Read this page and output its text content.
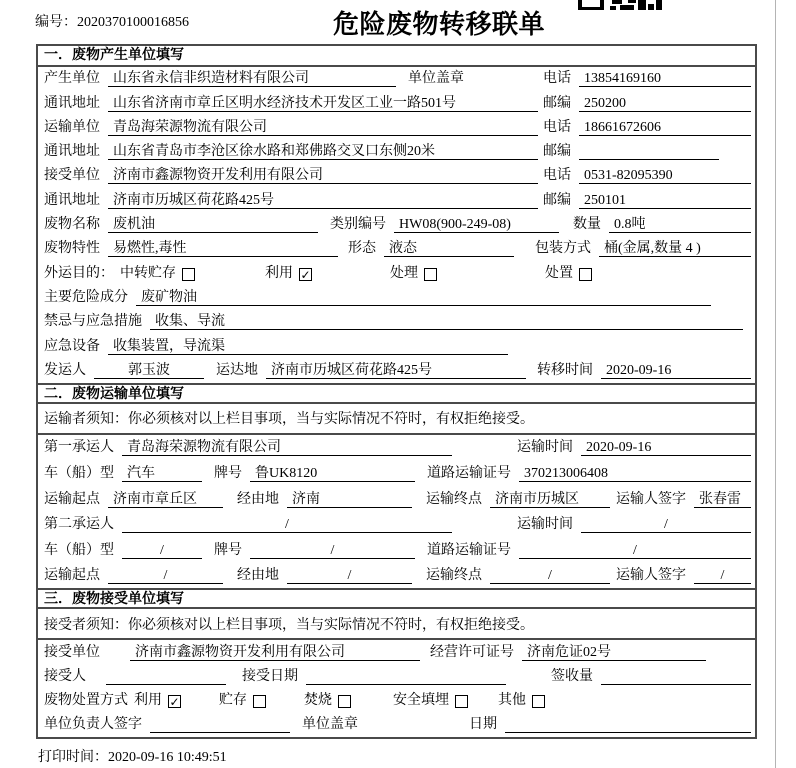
编号：2020370100016856	危险废物转移联单
一．废物产生单位填写
产生单位 山东省永信非织造材料有限公司	单位盖章	电话 13854169160
通讯地址 山东省济南市章丘区明水经济技术开发区工业一路501号	邮编 250200
运输单位 青岛海荣源物流有限公司	电话 18661672606
通讯地址 山东省青岛市李沧区徐水路和郑佛路交叉口东侧20米	邮编
接受单位 济南市鑫源物资开发利用有限公司	电话 0531-82095390
通讯地址 济南市历城区荷花路425号	邮编 250101
废物名称 废机油	类别编号 HW08(900-249-08)	数量 0.8吨
废物特性 易燃性,毒性	形态 液态	包装方式 桶(金属,数量 4 )
外运目的： 中转贮存	利用 ✓	处理	处置
主要危险成分 废矿物油
禁忌与应急措施 收集、导流
应急设备 收集装置，导流渠
发运人	郭玉波	运达地 济南市历城区荷花路425号	转移时间 2020-09-16
二．废物运输单位填写
运输者须知：你必须核对以上栏目事项，当与实际情况不符时，有权拒绝接受。
第一承运人 青岛海荣源物流有限公司	运输时间 2020-09-16
车（船）型 汽车	牌号 鲁UK8120	道路运输证号 370213006408
运输起点 济南市章丘区	经由地 济南	运输终点 济南市历城区	运输人签字 张春雷
第二承运人	/	运输时间	/
车（船）型	/	牌号	/	道路运输证号	/
运输起点	/	经由地	/	运输终点	/	运输人签字	/
三．废物接受单位填写
接受者须知：你必须核对以上栏目事项，当与实际情况不符时，有权拒绝接受。
接受单位	济南市鑫源物资开发利用有限公司	经营许可证号 济南危证02号
接受人	接受日期	签收量
废物处置方式 利用 ✓	贮存	焚烧	安全填埋	其他
单位负责人签字	单位盖章	日期
打印时间：2020-09-16 10:49:51
